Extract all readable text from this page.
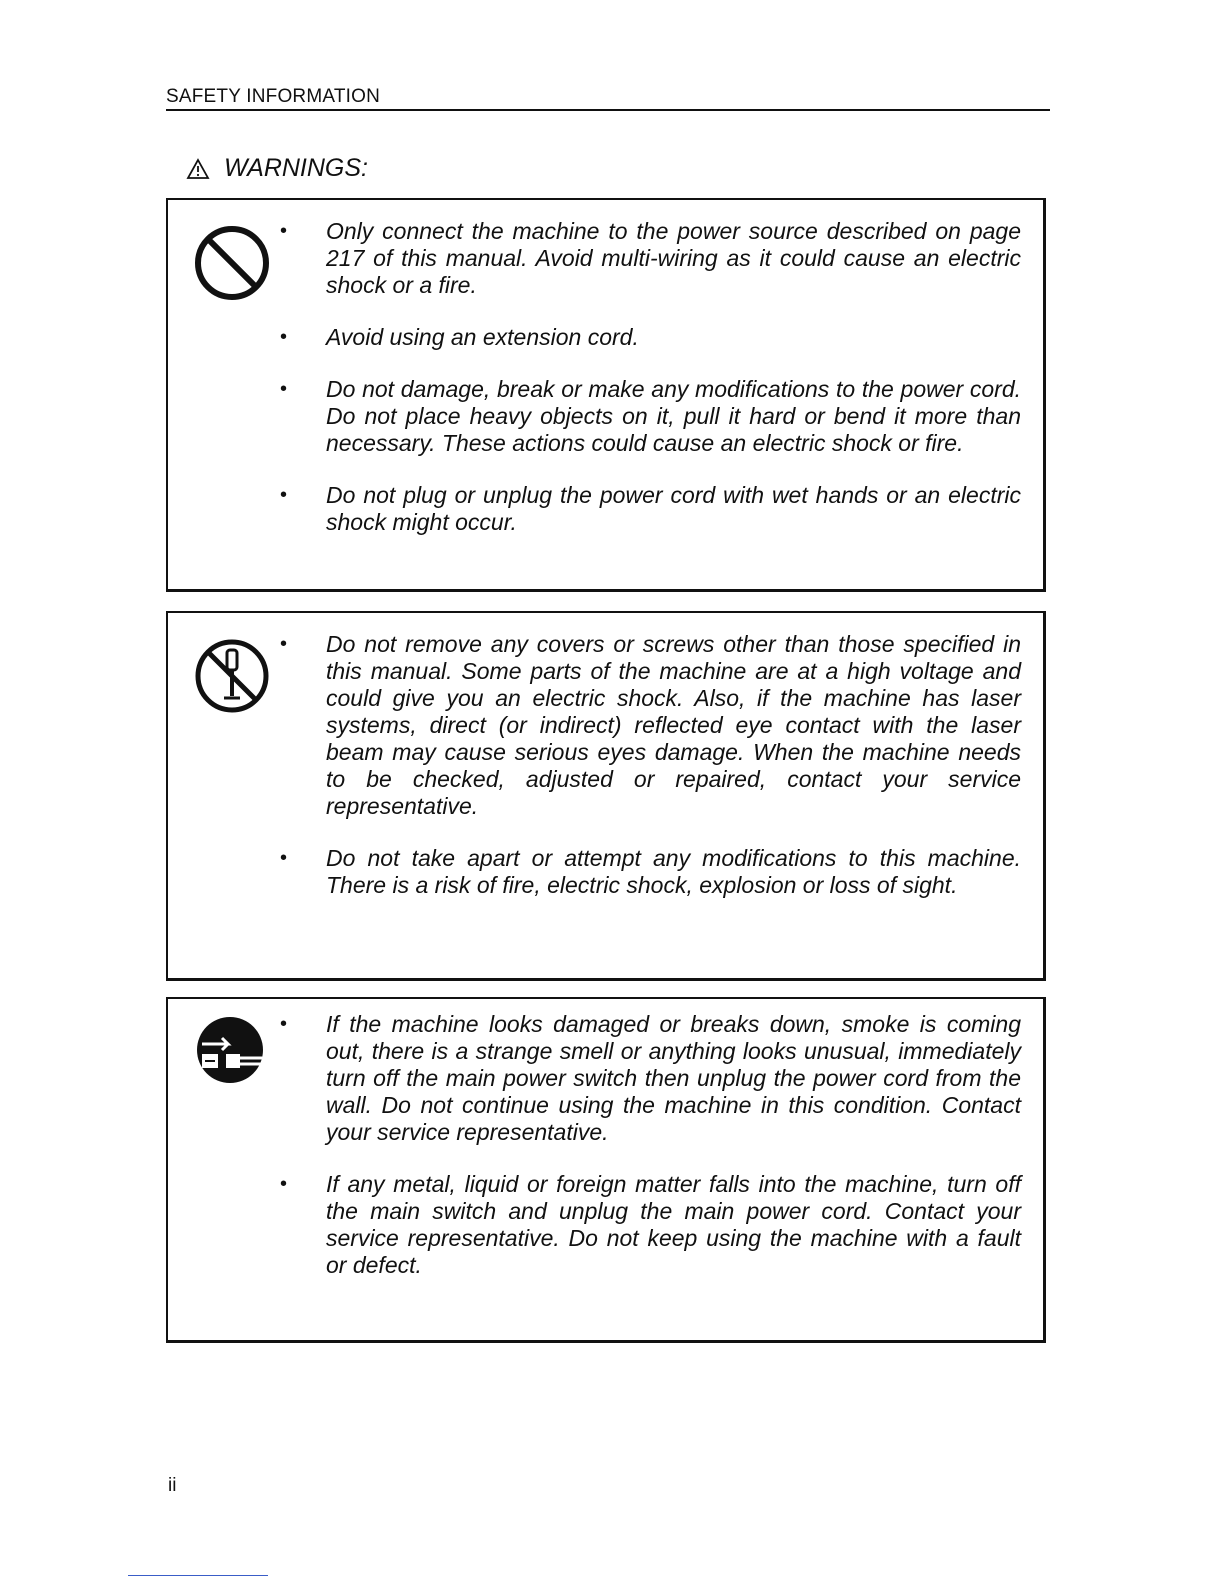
SAFETY INFORMATION
WARNINGS:
• Only connect the machine to the power source described on page 217 of this manual. Avoid multi-wiring as it could cause an electric shock or a fire.
• Avoid using an extension cord.
• Do not damage, break or make any modifications to the power cord. Do not place heavy objects on it, pull it hard or bend it more than necessary. These actions could cause an electric shock or fire.
• Do not plug or unplug the power cord with wet hands or an electric shock might occur.
• Do not remove any covers or screws other than those specified in this manual. Some parts of the machine are at a high voltage and could give you an electric shock. Also, if the machine has laser systems, direct (or indirect) reflected eye contact with the laser beam may cause serious eyes damage. When the machine needs to be checked, adjusted or repaired, contact your service representative.
• Do not take apart or attempt any modifications to this machine. There is a risk of fire, electric shock, explosion or loss of sight.
• If the machine looks damaged or breaks down, smoke is coming out, there is a strange smell or anything looks unusual, immediately turn off the main power switch then unplug the power cord from the wall. Do not continue using the machine in this condition. Contact your service representative.
• If any metal, liquid or foreign matter falls into the machine, turn off the main switch and unplug the main power cord. Contact your service representative. Do not keep using the machine with a fault or defect.
ii
